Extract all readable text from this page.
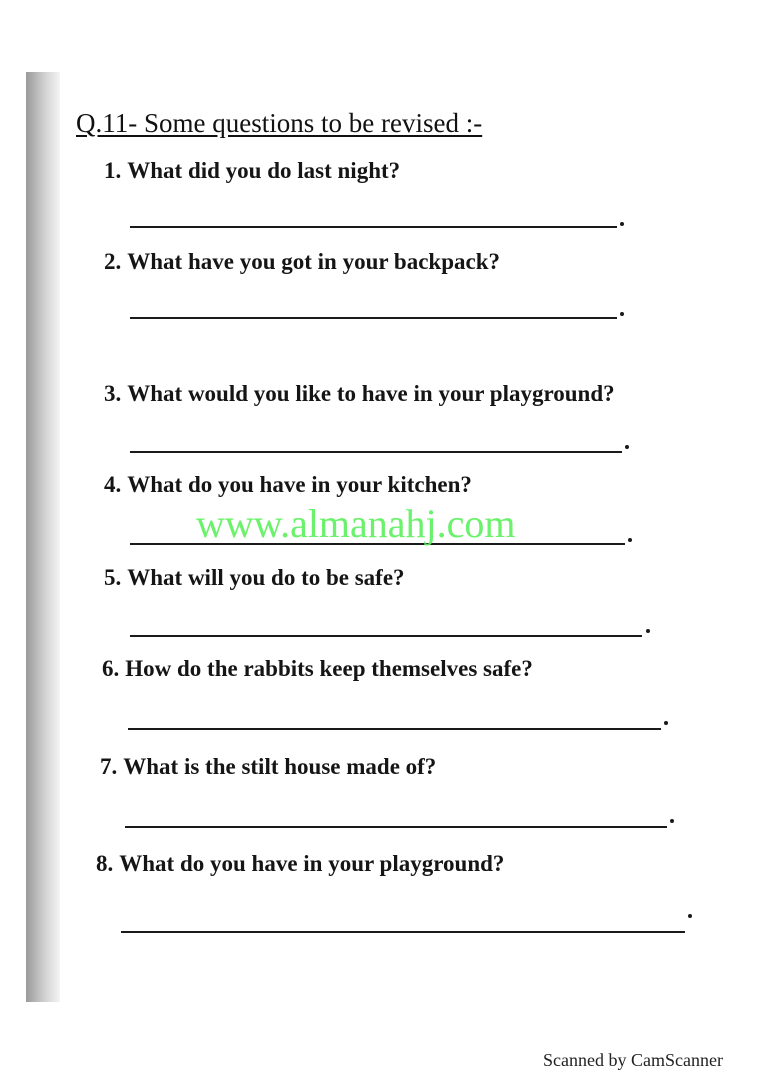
Q.11- Some questions to be revised :-
1. What did you do last night?
2. What have you got in your backpack?
3. What would you like to have in your playground?
4. What do you have in your kitchen?
5. What will you do to be safe?
6. How do the rabbits keep themselves safe?
7. What is the stilt house made of?
8. What do you have in your playground?
www.almanahj.com
Scanned by CamScanner
